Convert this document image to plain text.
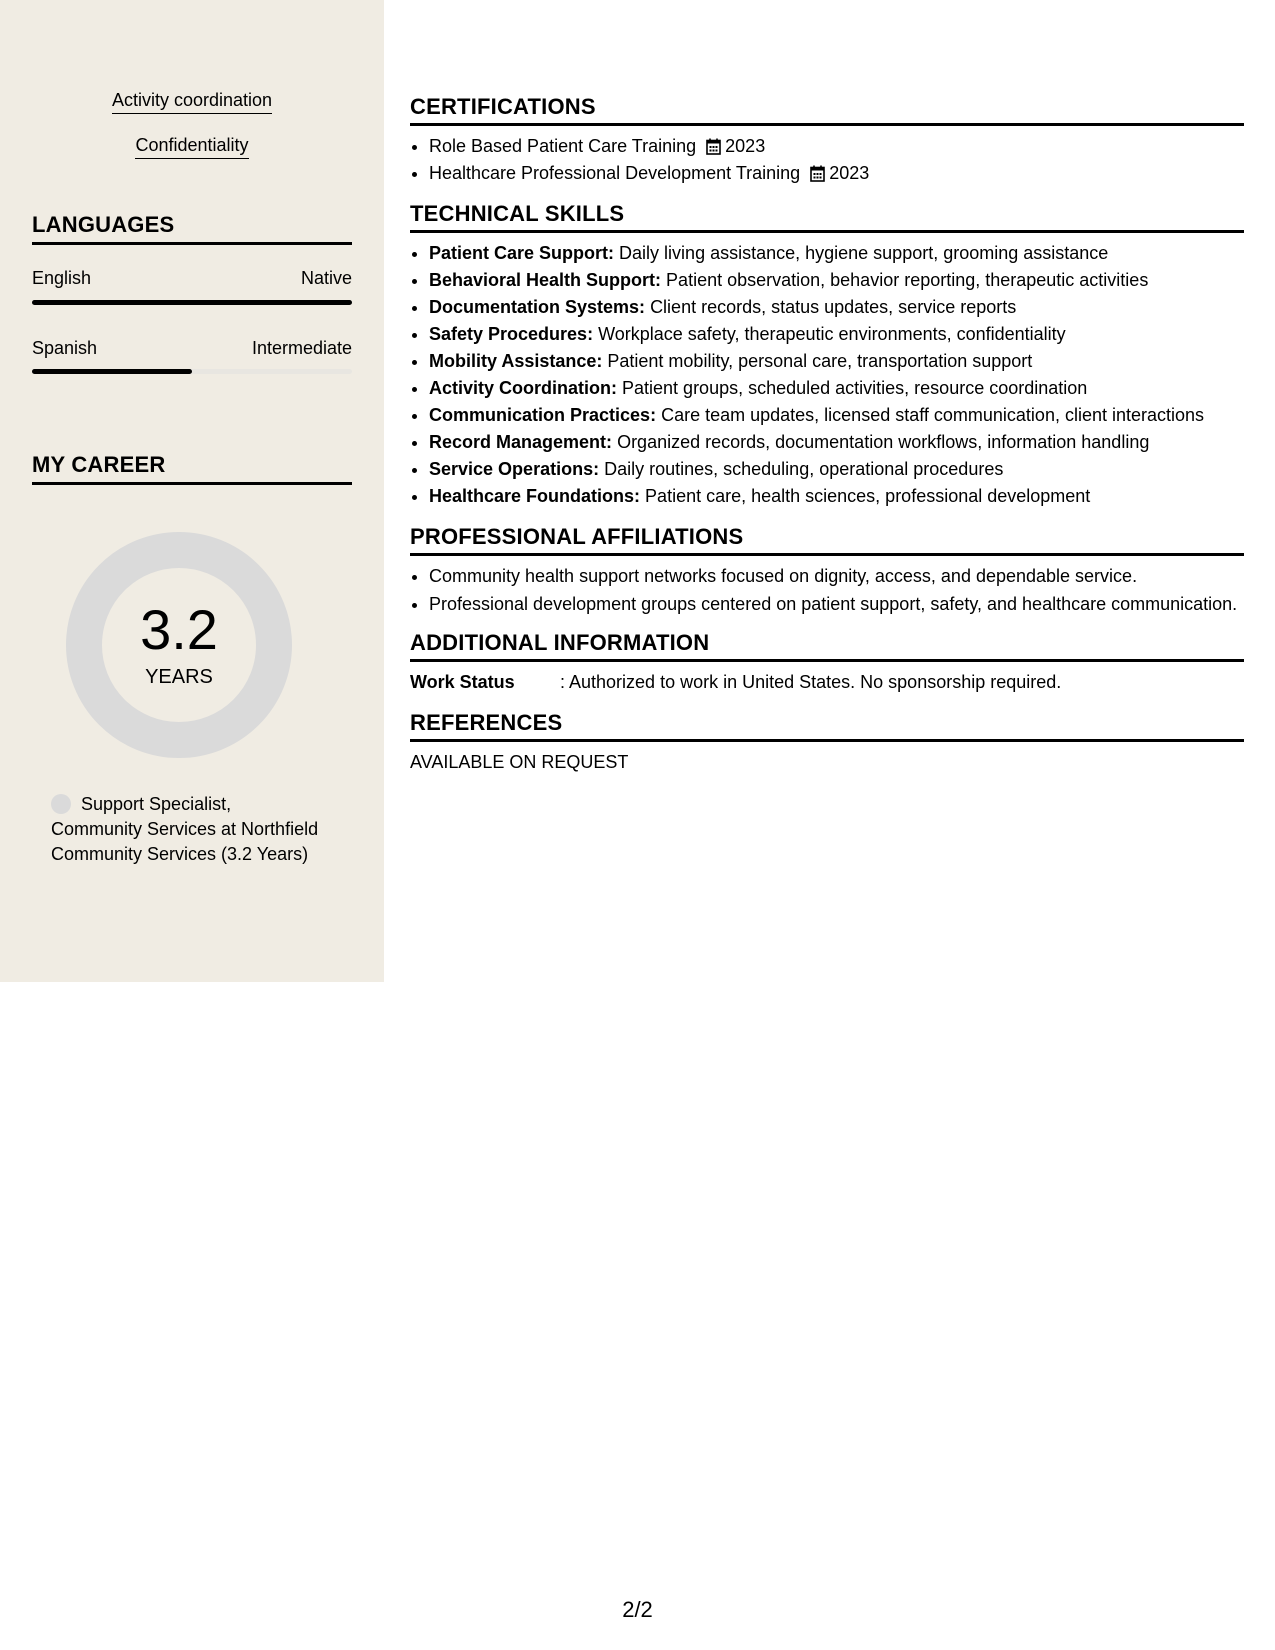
Activity coordination
Confidentiality
LANGUAGES
English	Native
Spanish	Intermediate
MY CAREER
3.2
YEARS
Support Specialist, Community Services at Northfield Community Services (3.2 Years)
CERTIFICATIONS
• Role Based Patient Care Training 2023
• Healthcare Professional Development Training 2023
TECHNICAL SKILLS
• Patient Care Support: Daily living assistance, hygiene support, grooming assistance
• Behavioral Health Support: Patient observation, behavior reporting, therapeutic activities
• Documentation Systems: Client records, status updates, service reports
• Safety Procedures: Workplace safety, therapeutic environments, confidentiality
• Mobility Assistance: Patient mobility, personal care, transportation support
• Activity Coordination: Patient groups, scheduled activities, resource coordination
• Communication Practices: Care team updates, licensed staff communication, client interactions
• Record Management: Organized records, documentation workflows, information handling
• Service Operations: Daily routines, scheduling, operational procedures
• Healthcare Foundations: Patient care, health sciences, professional development
PROFESSIONAL AFFILIATIONS
• Community health support networks focused on dignity, access, and dependable service.
• Professional development groups centered on patient support, safety, and healthcare communication.
ADDITIONAL INFORMATION
Work Status	: Authorized to work in United States. No sponsorship required.
REFERENCES
AVAILABLE ON REQUEST
2/2
